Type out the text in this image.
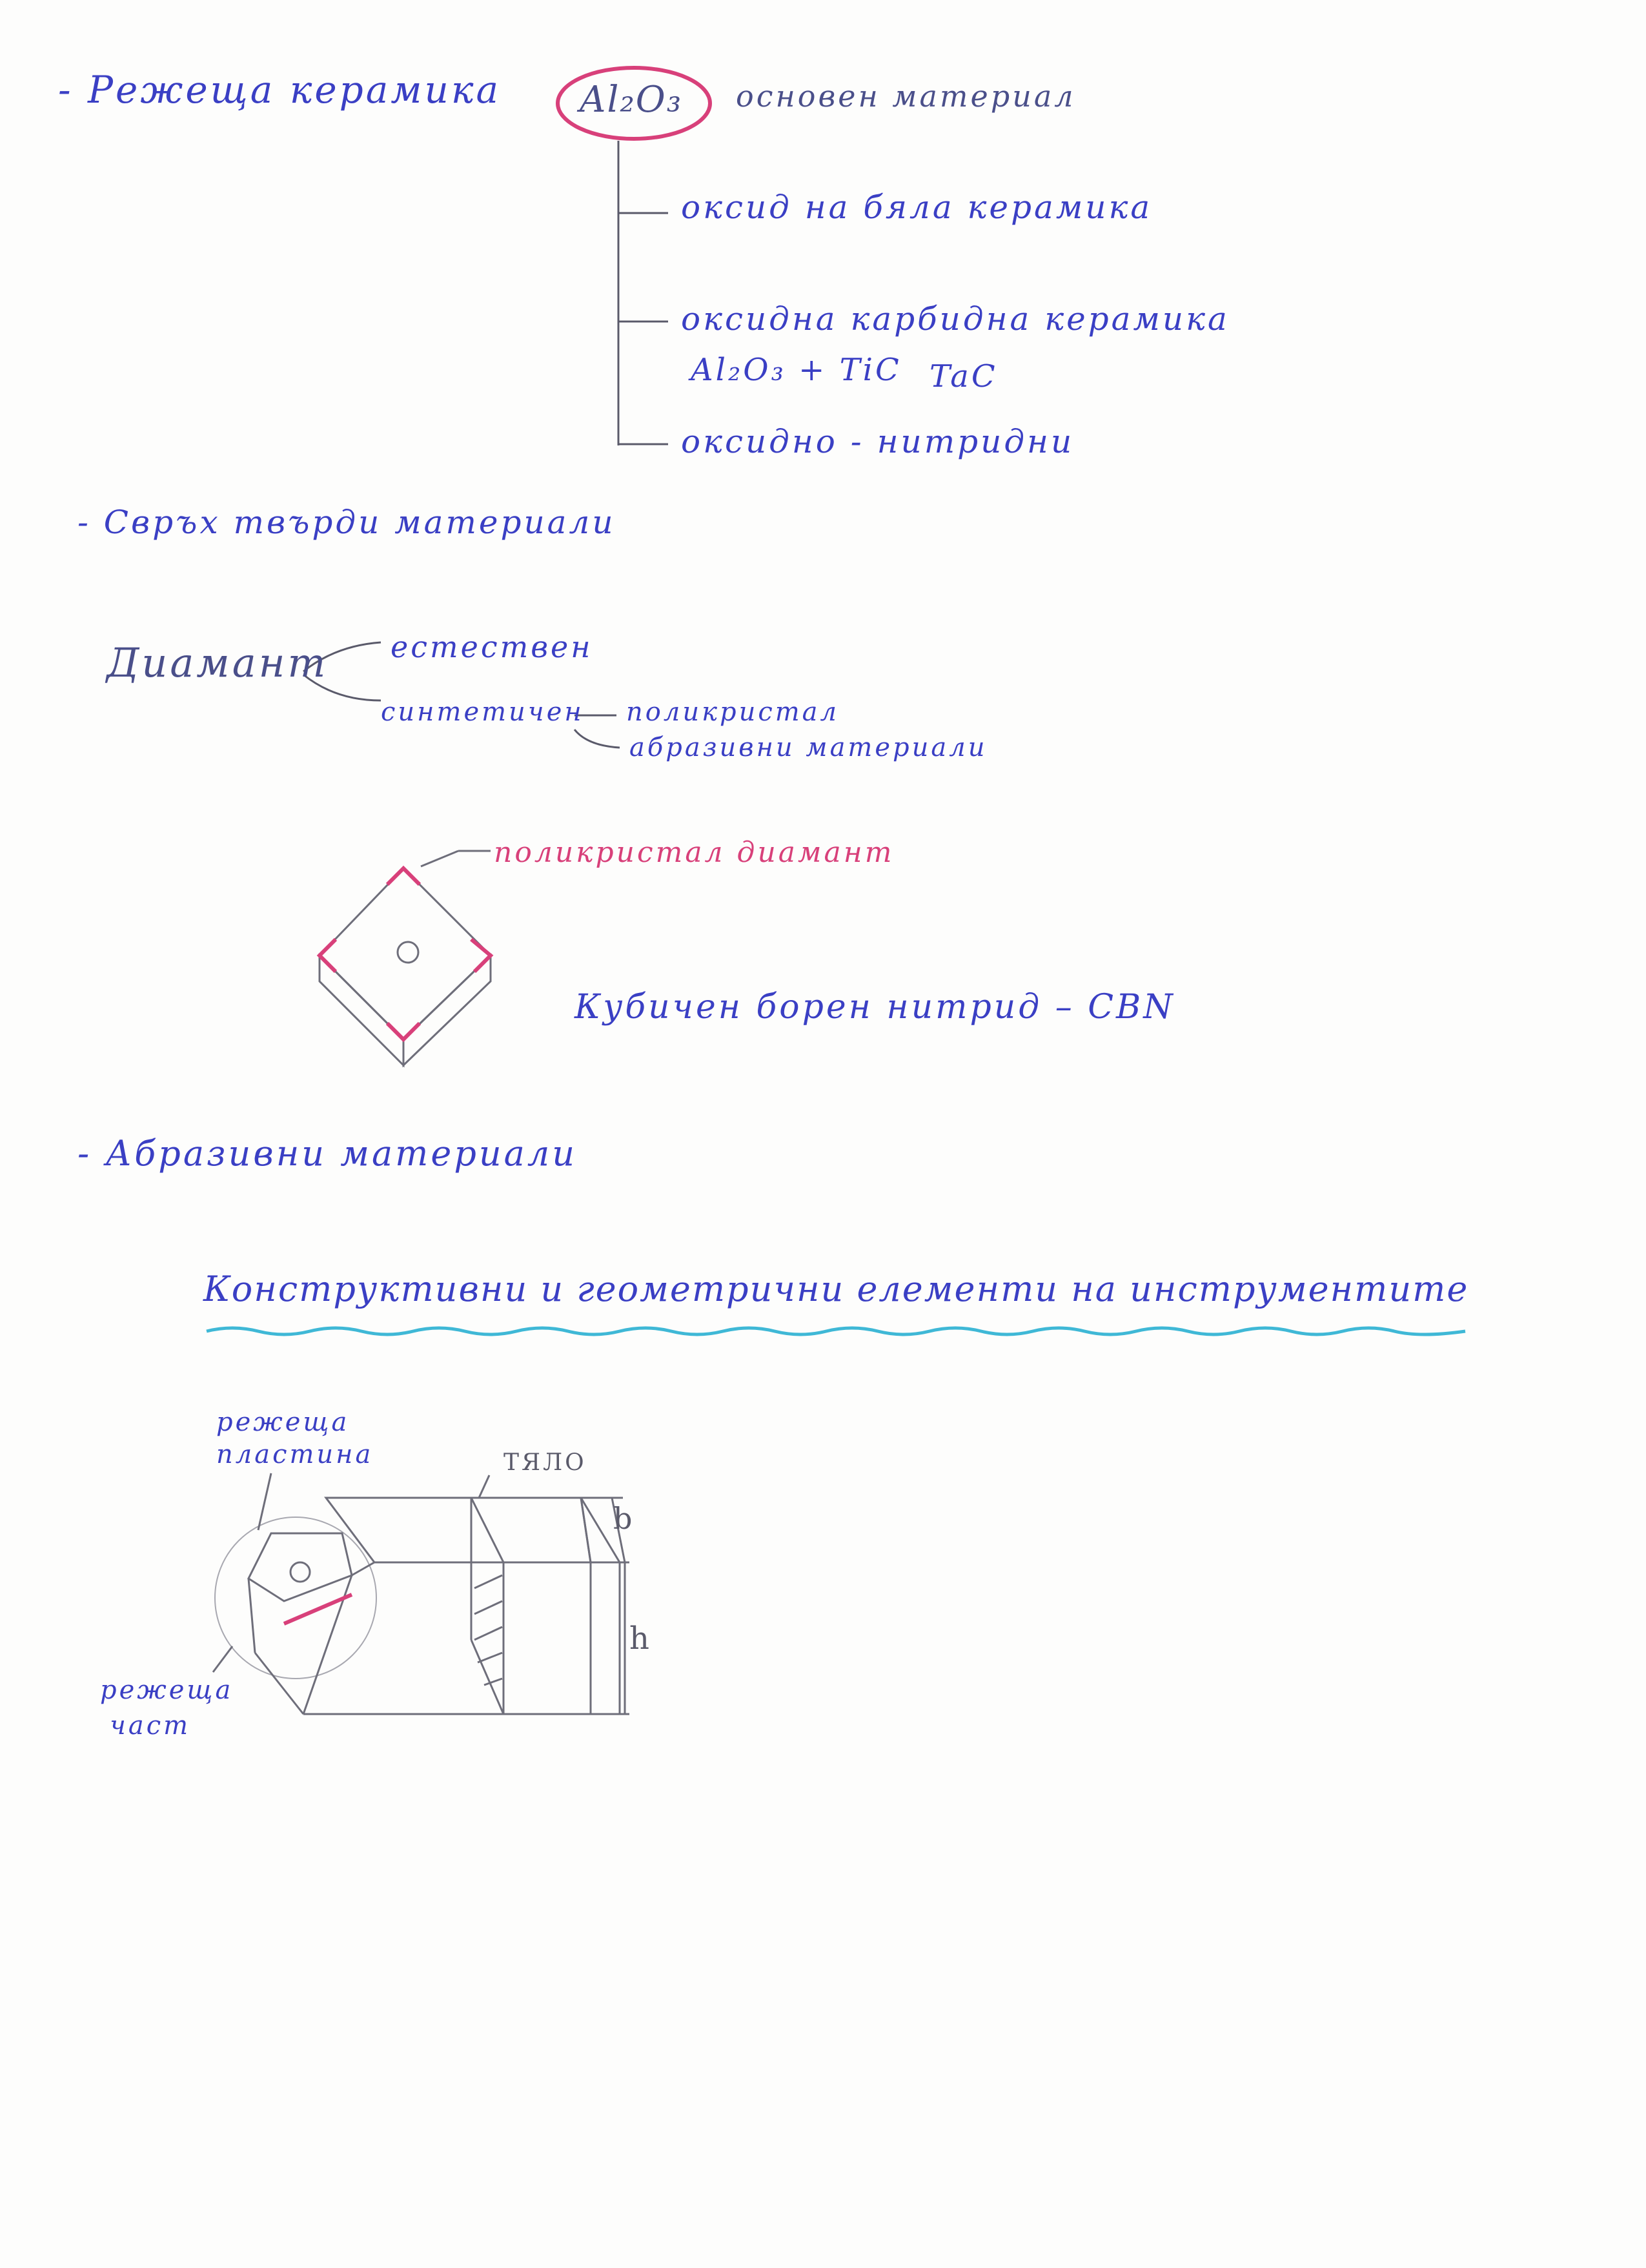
- Режеща керамика Al₂O₃ основен материал
оксид на бяла керамика
оксидна карбидна керамика
Al₂O₃ + TiC TaC
оксидно - нитридни
- Свръх твърди материали
Диамант естествен
синтетичен поликристал
абразивни материали
поликристал диамант
Кубичен борен нитрид – CBN
- Абразивни материали
Конструктивни и геометрични елементи на инструментите
режеща
пластина	ТЯЛО
b
h
режеща
част
